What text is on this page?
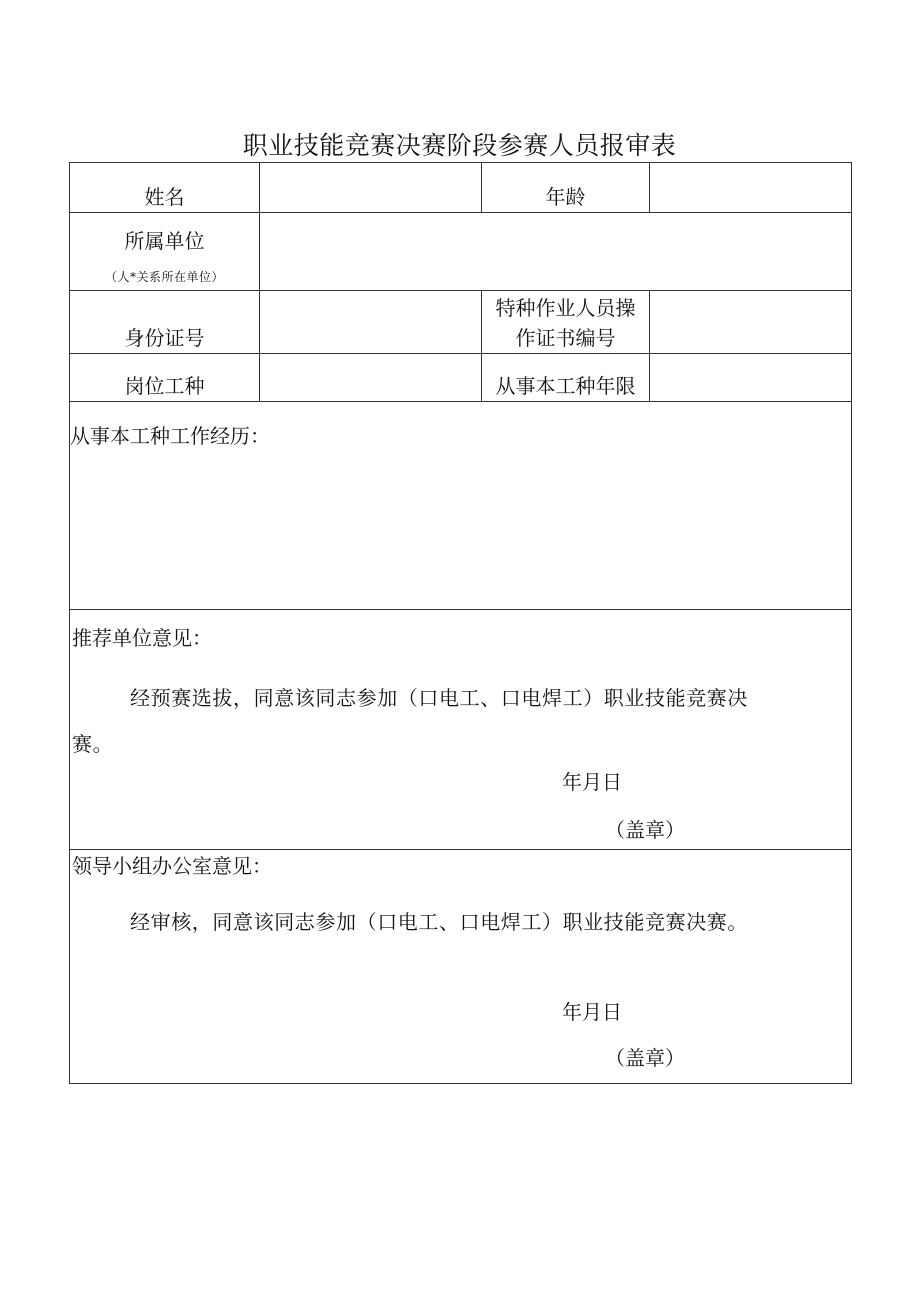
职业技能竞赛决赛阶段参赛人员报审表
姓名		年龄	

所属单位
（人*关系所在单位）			

身份证号		特种作业人员操
作证书编号	

岗位工种		从事本工种年限	

从事本工种工作经历：			

推荐单位意见：
经预赛选拔，同意该同志参加（口电工、口电焊工）职业技能竞赛决
赛。
年月日
（盖章）			

领导小组办公室意见：
经审核，同意该同志参加（口电工、口电焊工）职业技能竞赛决赛。
年月日
（盖章）			
